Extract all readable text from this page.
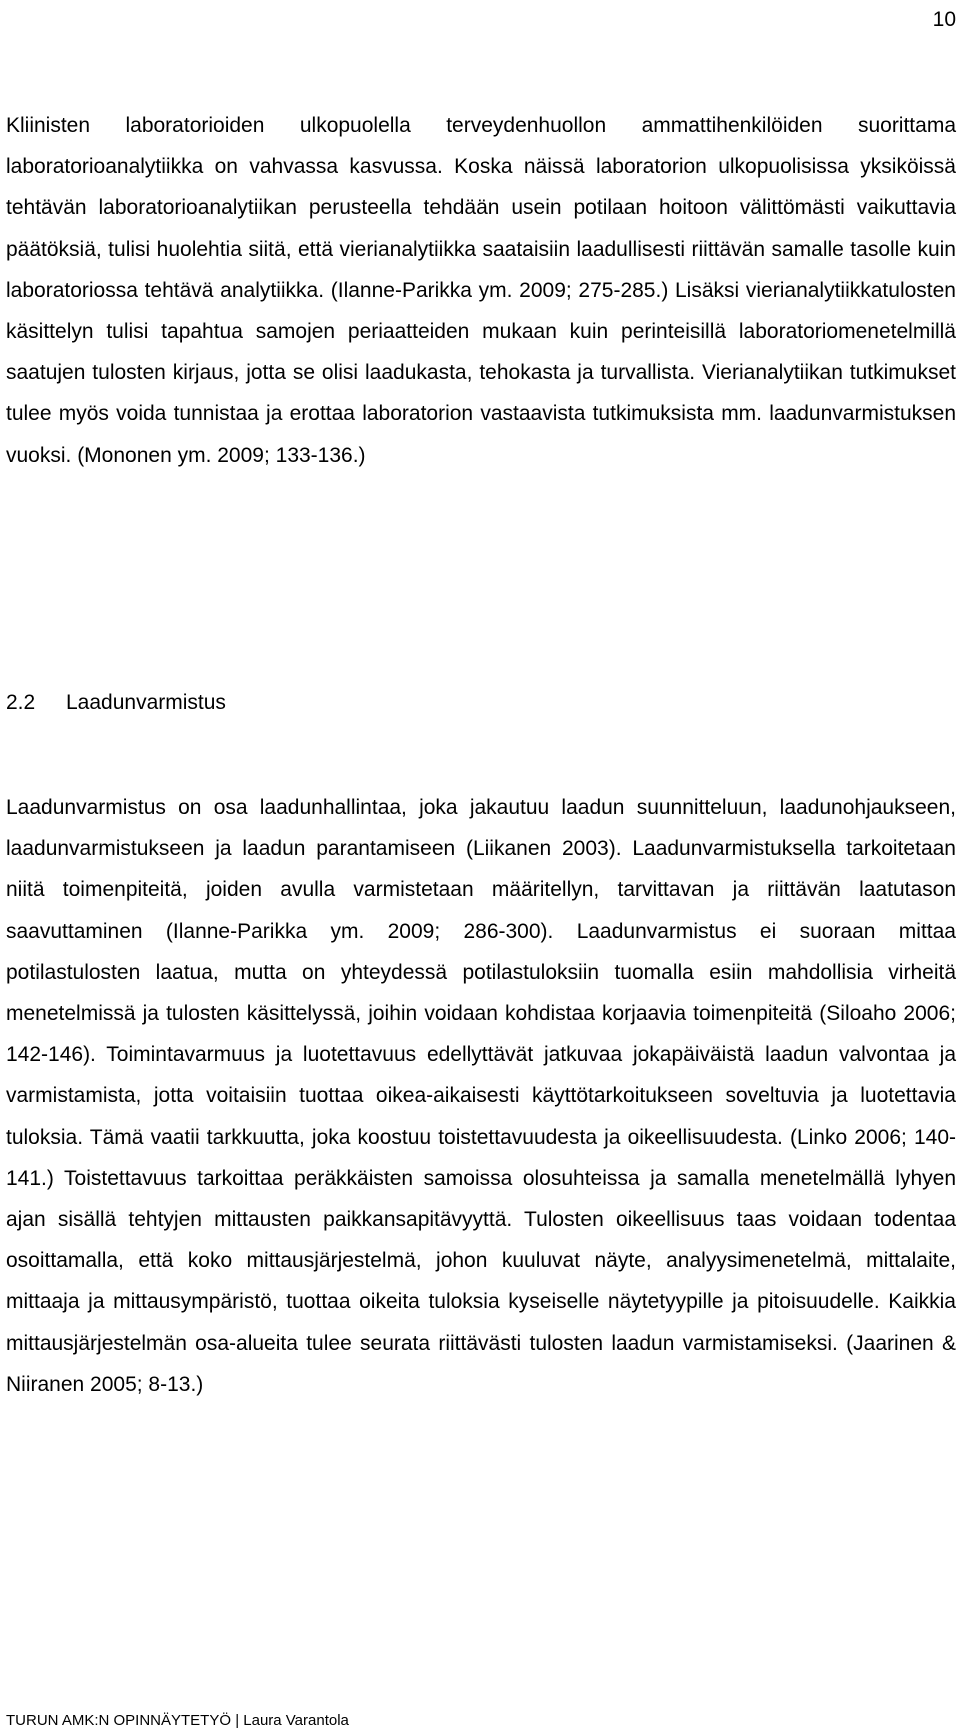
10

Kliinisten laboratorioiden ulkopuolella terveydenhuollon ammattihenkilöiden suorittama laboratorioanalytiikka on vahvassa kasvussa. Koska näissä laboratorion ulkopuolisissa yksiköissä tehtävän laboratorioanalytiikan perusteella tehdään usein potilaan hoitoon välittömästi vaikuttavia päätöksiä, tulisi huolehtia siitä, että vierianalytiikka saataisiin laadullisesti riittävän samalle tasolle kuin laboratoriossa tehtävä analytiikka. (Ilanne-Parikka ym. 2009; 275-285.) Lisäksi vierianalytiikkatulosten käsittelyn tulisi tapahtua samojen periaatteiden mukaan kuin perinteisillä laboratoriomenetelmillä saatujen tulosten kirjaus, jotta se olisi laadukasta, tehokasta ja turvallista. Vierianalytiikan tutkimukset tulee myös voida tunnistaa ja erottaa laboratorion vastaavista tutkimuksista mm. laadunvarmistuksen vuoksi. (Mononen ym. 2009; 133-136.)

2.2 Laadunvarmistus

Laadunvarmistus on osa laadunhallintaa, joka jakautuu laadun suunnitteluun, laadunohjaukseen, laadunvarmistukseen ja laadun parantamiseen (Liikanen 2003). Laadunvarmistuksella tarkoitetaan niitä toimenpiteitä, joiden avulla varmistetaan määritellyn, tarvittavan ja riittävän laatutason saavuttaminen (Ilanne-Parikka ym. 2009; 286-300). Laadunvarmistus ei suoraan mittaa potilastulosten laatua, mutta on yhteydessä potilastuloksiin tuomalla esiin mahdollisia virheitä menetelmissä ja tulosten käsittelyssä, joihin voidaan kohdistaa korjaavia toimenpiteitä (Siloaho 2006; 142-146). Toimintavarmuus ja luotettavuus edellyttävät jatkuvaa jokapäiväistä laadun valvontaa ja varmistamista, jotta voitaisiin tuottaa oikea-aikaisesti käyttötarkoitukseen soveltuvia ja luotettavia tuloksia. Tämä vaatii tarkkuutta, joka koostuu toistettavuudesta ja oikeellisuudesta. (Linko 2006; 140-141.) Toistettavuus tarkoittaa peräkkäisten samoissa olosuhteissa ja samalla menetelmällä lyhyen ajan sisällä tehtyjen mittausten paikkansapitävyyttä. Tulosten oikeellisuus taas voidaan todentaa osoittamalla, että koko mittausjärjestelmä, johon kuuluvat näyte, analyysimenetelmä, mittalaite, mittaaja ja mittausympäristö, tuottaa oikeita tuloksia kyseiselle näytetyypille ja pitoisuudelle. Kaikkia mittausjärjestelmän osa-alueita tulee seurata riittävästi tulosten laadun varmistamiseksi. (Jaarinen & Niiranen 2005; 8-13.)

TURUN AMK:N OPINNÄYTETYÖ | Laura Varantola
